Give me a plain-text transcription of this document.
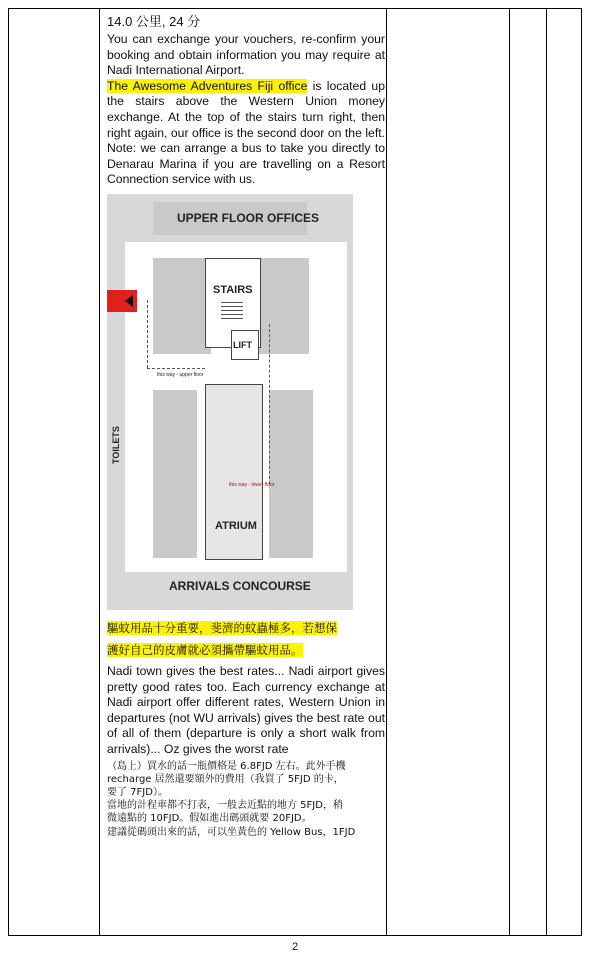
14.0 公里, 24 分

You can exchange your vouchers, re-confirm your booking and obtain information you may require at Nadi International Airport.

The Awesome Adventures Fiji office is located up the stairs above the Western Union money exchange. At the top of the stairs turn right, then right again, our office is the second door on the left. Note: we can arrange a bus to take you directly to Denarau Marina if you are travelling on a Resort Connection service with us.

UPPER FLOOR OFFICES
STAIRS
LIFT
ATRIUM
this way - upper floor
this way - lower floor
TOILETS
ARRIVALS CONCOURSE

驅蚊用品十分重要，斐濟的蚊蟲極多，若想保

護好自己的皮膚就必須攜帶驅蚊用品。

Nadi town gives the best rates... Nadi airport gives pretty good rates too. Each currency exchange at Nadi airport offer different rates, Western Union in departures (not WU arrivals) gives the best rate out of all of them (departure is only a short walk from arrivals)... Oz gives the worst rate

（島上）買水的話一瓶價格是 6.8FJD 左右。此外手機

recharge 居然還要額外的費用（我買了 5FJD 的卡，

要了 7FJD）。

當地的計程車都不打表，一般去近點的地方 5FJD，稍

微遠點的 10FJD。假如進出碼頭就要 20FJD。

建議從碼頭出來的話，可以坐黃色的 Yellow Bus，1FJD

2
